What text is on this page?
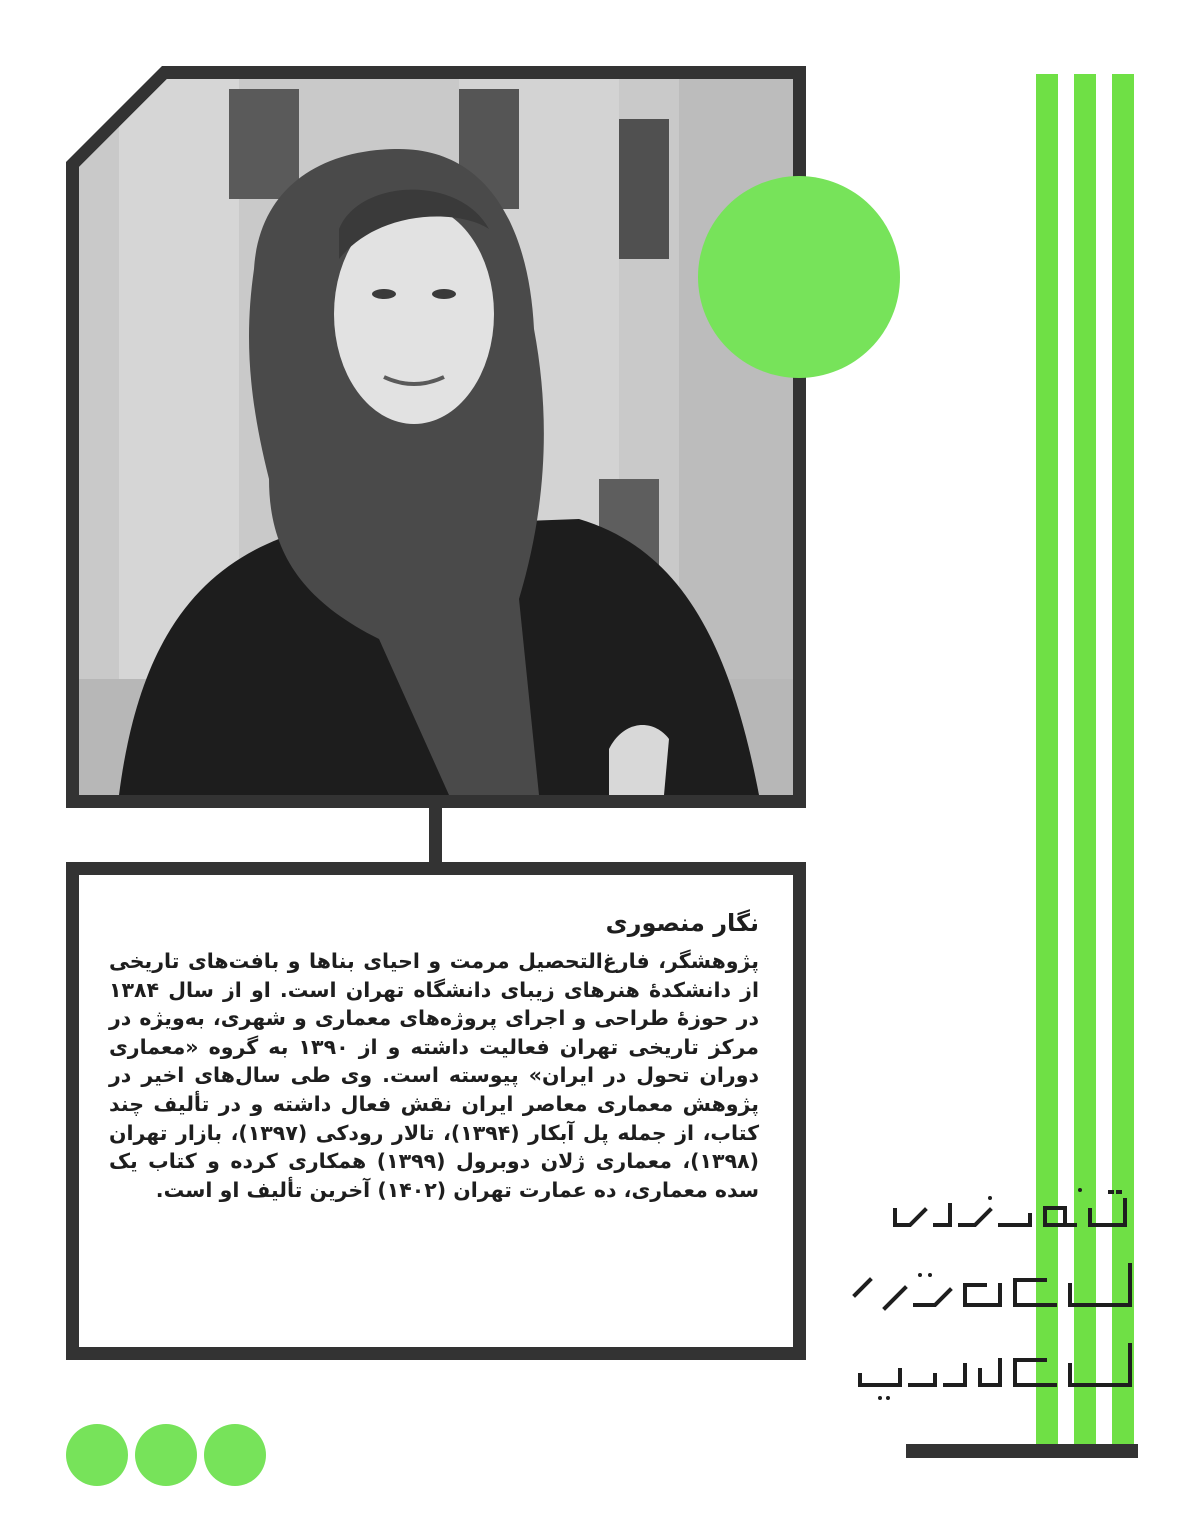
نگار منصوری
پژوهشگر، فارغ‌التحصیل مرمت و احیای بناها و بافت‌های تاریخی از دانشکدهٔ هنرهای زیبای دانشگاه تهران است. او از سال ۱۳۸۴ در حوزهٔ طراحی و اجرای پروژه‌های معماری و شهری، به‌ویژه در مرکز تاریخی تهران فعالیت داشته و از ۱۳۹۰ به گروه «معماری دوران تحول در ایران» پیوسته است. وی طی سال‌های اخیر در پژوهش معماری معاصر ایران نقش فعال داشته و در تألیف چند کتاب، از جمله پل آبکار (۱۳۹۴)، تالار رودکی (۱۳۹۷)، بازار تهران (۱۳۹۸)، معماری ژلان دوبرول (۱۳۹۹) همکاری کرده و کتاب یک سده معماری، ده عمارت تهران (۱۴۰۲) آخرین تألیف او است.
